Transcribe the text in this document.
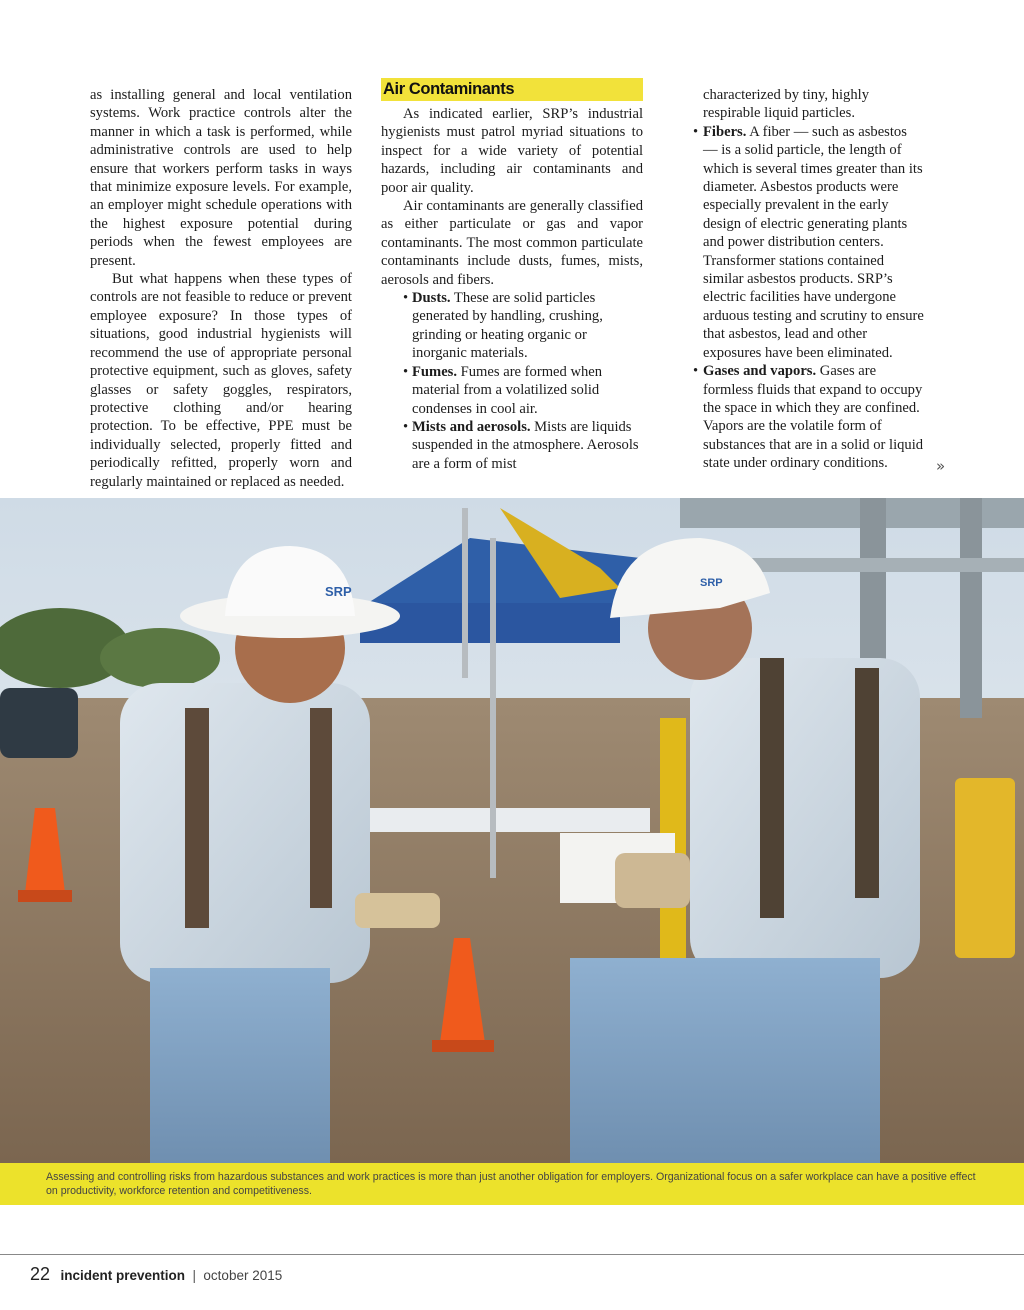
as installing general and local ventilation systems. Work practice controls alter the manner in which a task is performed, while administrative controls are used to help ensure that workers perform tasks in ways that minimize exposure levels. For example, an employer might schedule operations with the highest exposure potential during periods when the fewest employees are present.

But what happens when these types of controls are not feasible to reduce or prevent employee exposure? In those types of situations, good industrial hygienists will recommend the use of appropriate personal protective equipment, such as gloves, safety glasses or safety goggles, respirators, protective clothing and/or hearing protection. To be effective, PPE must be individually selected, properly fitted and periodically refitted, properly worn and regularly maintained or replaced as needed.

Air Contaminants

As indicated earlier, SRP’s industrial hygienists must patrol myriad situations to inspect for a wide variety of potential hazards, including air contaminants and poor air quality.

Air contaminants are generally classified as either particulate or gas and vapor contaminants. The most common particulate contaminants include dusts, fumes, mists, aerosols and fibers.

• Dusts. These are solid particles generated by handling, crushing, grinding or heating organic or inorganic materials.
• Fumes. Fumes are formed when material from a volatilized solid condenses in cool air.
• Mists and aerosols. Mists are liquids suspended in the atmosphere. Aerosols are a form of mist

characterized by tiny, highly respirable liquid particles.

• Fibers. A fiber — such as asbestos — is a solid particle, the length of which is several times greater than its diameter. Asbestos products were especially prevalent in the early design of electric generating plants and power distribution centers. Transformer stations contained similar asbestos products. SRP’s electric facilities have undergone arduous testing and scrutiny to ensure that asbestos, lead and other exposures have been eliminated.
• Gases and vapors. Gases are formless fluids that expand to occupy the space in which they are confined. Vapors are the volatile form of substances that are in a solid or liquid state under ordinary conditions.	»
SRP
SRP

Assessing and controlling risks from hazardous substances and work practices is more than just another obligation for employers. Organizational focus on a safer workplace can have a positive effect on productivity, workforce retention and competitiveness.

22 incident prevention | october 2015
